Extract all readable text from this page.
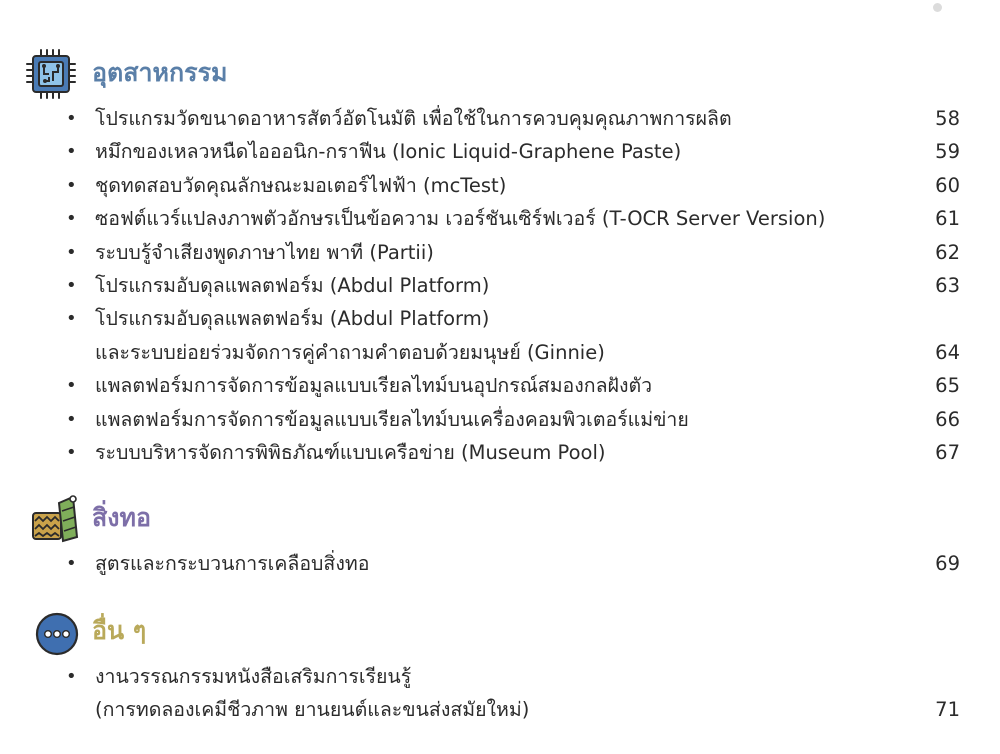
อุตสาหกรรม
• โปรแกรมวัดขนาดอาหารสัตว์อัตโนมัติ เพื่อใช้ในการควบคุมคุณภาพการผลิต	58
• หมึกของเหลวหนืดไอออนิก-กราฟีน (Ionic Liquid-Graphene Paste)	59
• ชุดทดสอบวัดคุณลักษณะมอเตอร์ไฟฟ้า (mcTest)	60
• ซอฟต์แวร์แปลงภาพตัวอักษรเป็นข้อความ เวอร์ชันเซิร์ฟเวอร์ (T-OCR Server Version)	61
• ระบบรู้จำเสียงพูดภาษาไทย พาที (Partii)	62
• โปรแกรมอับดุลแพลตฟอร์ม (Abdul Platform)	63
• โปรแกรมอับดุลแพลตฟอร์ม (Abdul Platform)
และระบบย่อยร่วมจัดการคู่คำถามคำตอบด้วยมนุษย์ (Ginnie)	64
• แพลตฟอร์มการจัดการข้อมูลแบบเรียลไทม์บนอุปกรณ์สมองกลฝังตัว	65
• แพลตฟอร์มการจัดการข้อมูลแบบเรียลไทม์บนเครื่องคอมพิวเตอร์แม่ข่าย	66
• ระบบบริหารจัดการพิพิธภัณฑ์แบบเครือข่าย (Museum Pool)	67
สิ่งทอ
• สูตรและกระบวนการเคลือบสิ่งทอ	69
อื่น ๆ
• งานวรรณกรรมหนังสือเสริมการเรียนรู้
(การทดลองเคมีชีวภาพ ยานยนต์และขนส่งสมัยใหม่)	71
